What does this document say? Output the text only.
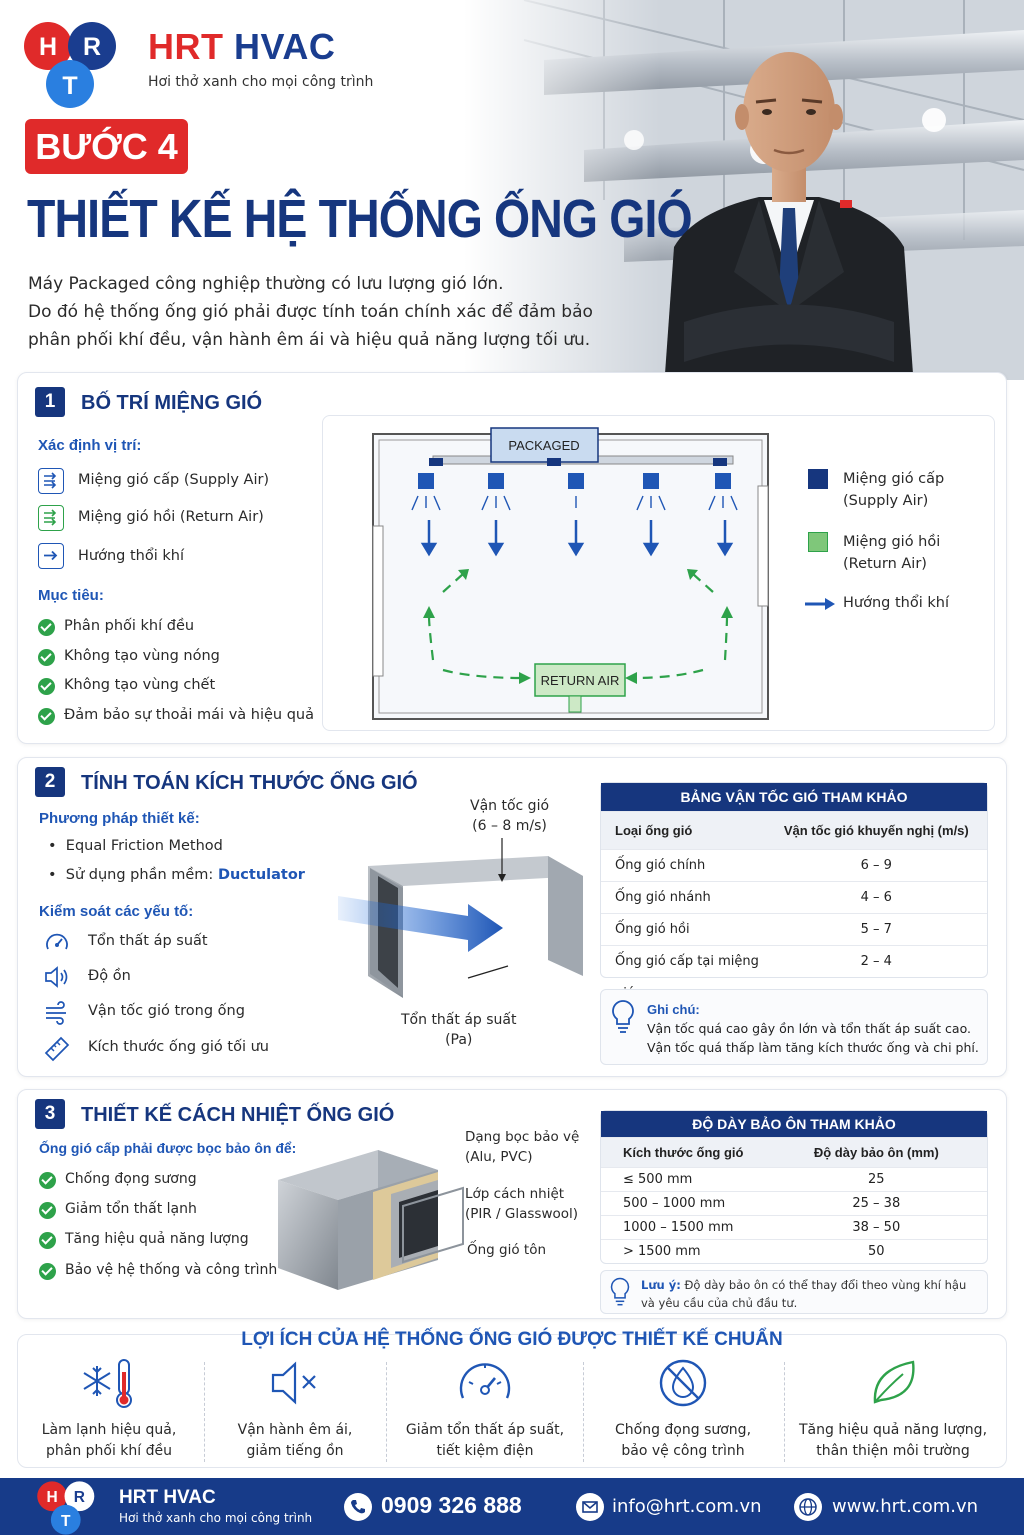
H R
T
HRT HVAC
Hơi thở xanh cho mọi công trình
BƯỚC 4
THIẾT KẾ HỆ THỐNG ỐNG GIÓ
Máy Packaged công nghiệp thường có lưu lượng gió lớn.
Do đó hệ thống ống gió phải được tính toán chính xác để đảm bảo
phân phối khí đều, vận hành êm ái và hiệu quả năng lượng tối ưu.
1	BỐ TRÍ MIỆNG GIÓ
Xác định vị trí:
Miệng gió cấp (Supply Air)
Miệng gió hồi (Return Air)
Hướng thổi khí
Mục tiêu:
Phân phối khí đều
Không tạo vùng nóng
Không tạo vùng chết
Đảm bảo sự thoải mái và hiệu quả
PACKAGED
RETURN AIR
Miệng gió cấp
(Supply Air)
Miệng gió hồi
(Return Air)
Hướng thổi khí
2	TÍNH TOÁN KÍCH THƯỚC ỐNG GIÓ
Phương pháp thiết kế:
•  Equal Friction Method
•  Sử dụng phần mềm: Ductulator
Kiểm soát các yếu tố:
Tổn thất áp suất
Độ ồn
Vận tốc gió trong ống
Kích thước ống gió tối ưu
Vận tốc gió
(6 – 8 m/s)
Tổn thất áp suất
(Pa)
BẢNG VẬN TỐC GIÓ THAM KHẢO
Loại ống gió	Vận tốc gió khuyến nghị (m/s)
Ống gió chính	6 – 9
Ống gió nhánh	4 – 6
Ống gió hồi	5 – 7
Ống gió cấp tại miệng	2 – 4
Ghi chú:
Vận tốc quá cao gây ồn lớn và tổn thất áp suất cao.
Vận tốc quá thấp làm tăng kích thước ống và chi phí.
3	THIẾT KẾ CÁCH NHIỆT ỐNG GIÓ
Ống gió cấp phải được bọc bảo ôn để:
Chống đọng sương
Giảm tổn thất lạnh
Tăng hiệu quả năng lượng
Bảo vệ hệ thống và công trình
Dạng bọc bảo vệ
(Alu, PVC)
Lớp cách nhiệt
(PIR / Glasswool)
Ống gió tôn
ĐỘ DÀY BẢO ÔN THAM KHẢO
Kích thước ống gió	Độ dày bảo ôn (mm)
≤ 500 mm	25
500 – 1000 mm	25 – 38
1000 – 1500 mm	38 – 50
> 1500 mm	50
Lưu ý: Độ dày bảo ôn có thể thay đổi theo vùng khí hậu
và yêu cầu của chủ đầu tư.
LỢI ÍCH CỦA HỆ THỐNG ỐNG GIÓ ĐƯỢC THIẾT KẾ CHUẨN
Làm lạnh hiệu quả,
phân phối khí đều
Vận hành êm ái,
giảm tiếng ồn
Giảm tổn thất áp suất,
tiết kiệm điện
Chống đọng sương,
bảo vệ công trình
Tăng hiệu quả năng lượng,
thân thiện môi trường
H R
T
HRT HVAC
Hơi thở xanh cho mọi công trình	0909 326 888	info@hrt.com.vn	www.hrt.com.vn
